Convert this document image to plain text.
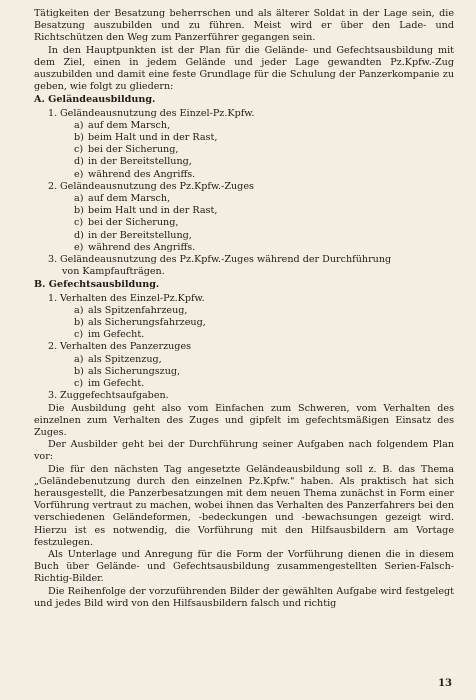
Tätigkeiten der Besatzung beherrschen und als älterer Soldat in der Lage sein, die Besatzung auszubilden und zu führen. Meist wird er über den Lade- und Richtschützen den Weg zum Panzerführer gegangen sein.

In den Hauptpunkten ist der Plan für die Gelände- und Gefechtsausbildung mit dem Ziel, einen in jedem Gelände und jeder Lage gewandten Pz.Kpfw.-Zug auszubilden und damit eine feste Grundlage für die Schulung der Panzerkompanie zu geben, wie folgt zu gliedern:

A. Geländeausbildung.

1. Geländeausnutzung des Einzel-Pz.Kpfw.

a) auf dem Marsch,

b) beim Halt und in der Rast,

c) bei der Sicherung,

d) in der Bereitstellung,

e) während des Angriffs.

2. Geländeausnutzung des Pz.Kpfw.-Zuges

a) auf dem Marsch,

b) beim Halt und in der Rast,

c) bei der Sicherung,

d) in der Bereitstellung,

e) während des Angriffs.

3. Geländeausnutzung des Pz.Kpfw.-Zuges während der Durchführung

von Kampfaufträgen.

B. Gefechtsausbildung.

1. Verhalten des Einzel-Pz.Kpfw.

a) als Spitzenfahrzeug,

b) als Sicherungsfahrzeug,

c) im Gefecht.

2. Verhalten des Panzerzuges

a) als Spitzenzug,

b) als Sicherungszug,

c) im Gefecht.

3. Zuggefechtsaufgaben.

Die Ausbildung geht also vom Einfachen zum Schweren, vom Verhalten des einzelnen zum Verhalten des Zuges und gipfelt im gefechtsmäßigen Einsatz des Zuges.

Der Ausbilder geht bei der Durchführung seiner Aufgaben nach folgendem Plan vor:

Die für den nächsten Tag angesetzte Geländeausbildung soll z. B. das Thema „Geländebenutzung durch den einzelnen Pz.Kpfw." haben. Als praktisch hat sich herausgestellt, die Panzerbesatzungen mit dem neuen Thema zunächst in Form einer Vorführung vertraut zu machen, wobei ihnen das Verhalten des Panzerfahrers bei den verschiedenen Geländeformen, -bedeckungen und -bewachsungen gezeigt wird. Hierzu ist es notwendig, die Vorführung mit den Hilfsausbildern am Vortage festzulegen.

Als Unterlage und Anregung für die Form der Vorführung dienen die in diesem Buch über Gelände- und Gefechtsausbildung zusammengestellten Serien-Falsch-Richtig-Bilder.

Die Reihenfolge der vorzuführenden Bilder der gewählten Aufgabe wird festgelegt und jedes Bild wird von den Hilfsausbildern falsch und richtig

13
